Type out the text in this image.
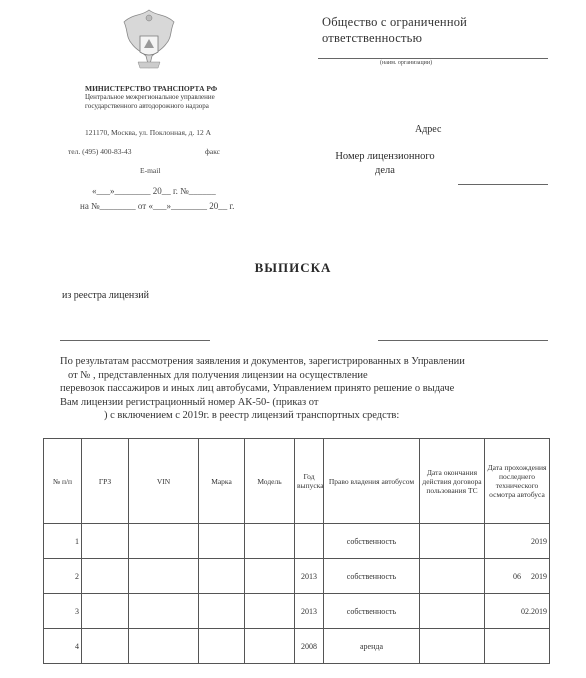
МИНИСТЕРСТВО ТРАНСПОРТА РФ
Центральное межрегиональное управление государственного автодорожного надзора
121170, Москва, ул. Поклонная, д. 12 А
тел. (495) 400-83-43	факс
E-mail
«___»________ 20__ г. №______
на №________ от «___»________ 20__ г.
Общество с ограниченной
ответственностью
(наим. организации)
Адрес
Номер лицензионного
дела
ВЫПИСКА
из реестра лицензий
По результатам рассмотрения заявления и документов, зарегистрированных в Управлении
от № , представленных для получения лицензии на осуществление
перевозок пассажиров и иных лиц автобусами, Управлением принято решение о выдаче
Вам лицензии регистрационный номер АК-50- (приказ от
) с включением с 2019г. в реестр лицензий транспортных средств:
№ п/п	ГРЗ	VIN	Марка	Модель	Год выпуска	Право владения автобусом	Дата окончания действия договора пользования ТС	Дата прохождения последнего технического осмотра автобуса
1						собственность		2019
2					2013	собственность		06     2019
3					2013	собственность		02.2019
4					2008	аренда		
